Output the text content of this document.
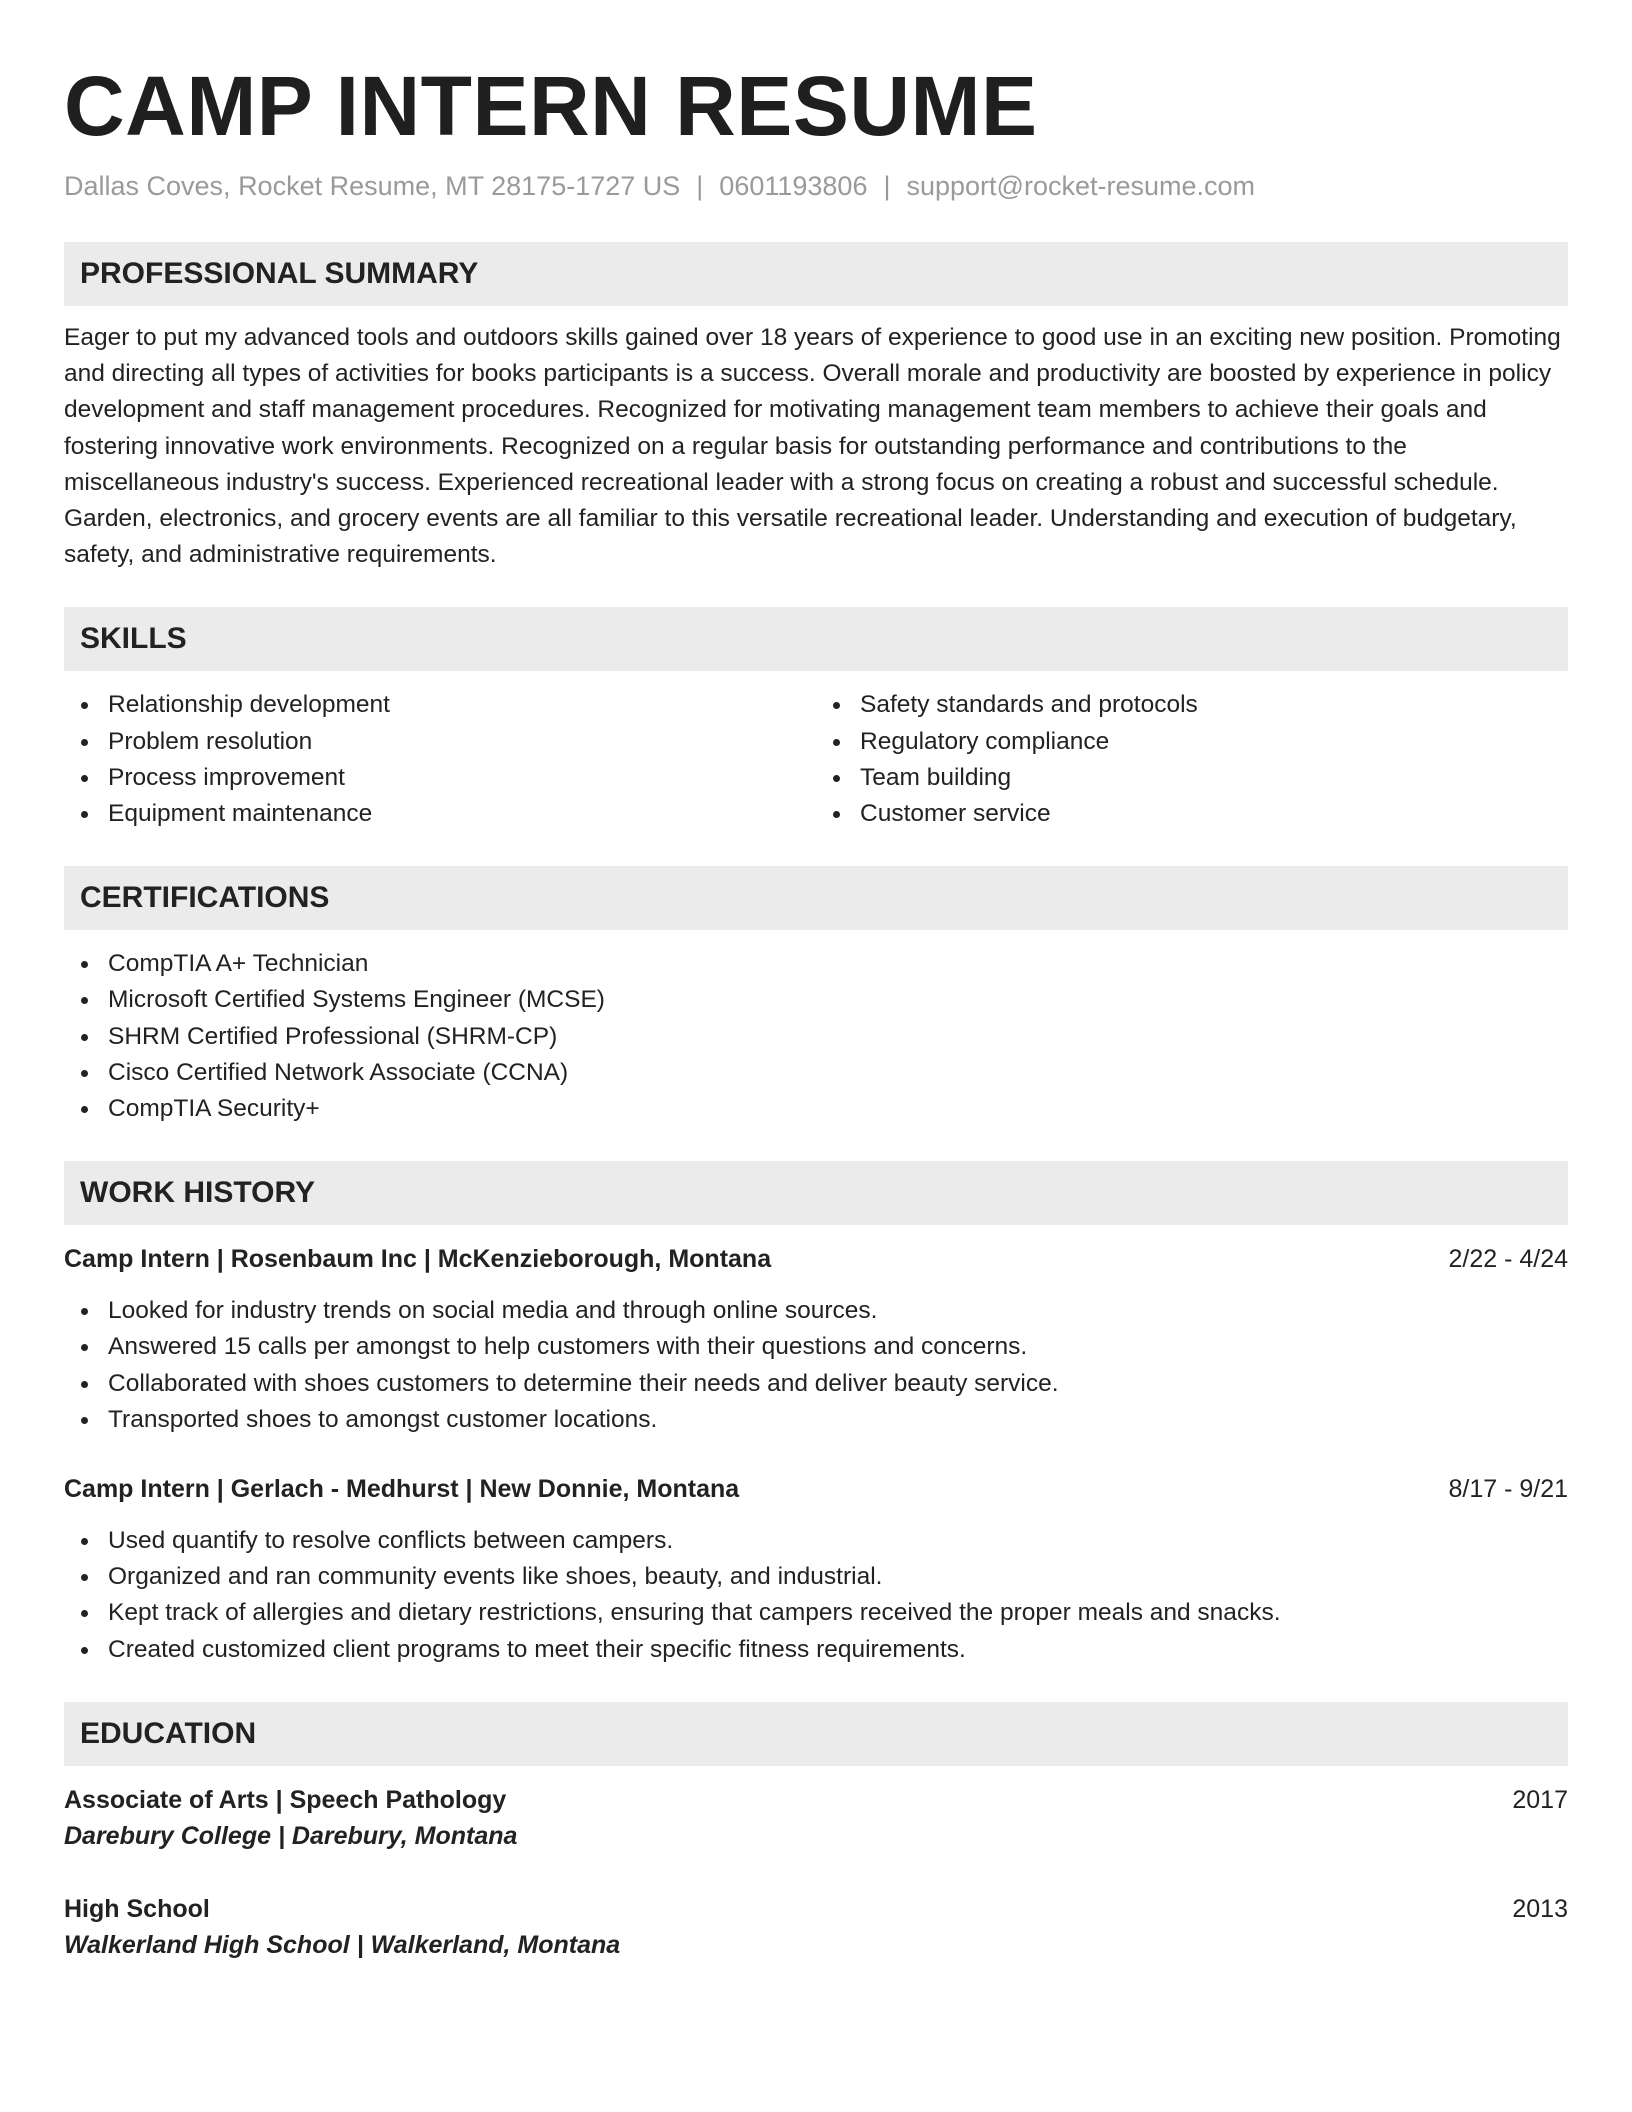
CAMP INTERN RESUME
Dallas Coves, Rocket Resume, MT 28175-1727 US | 0601193806 | support@rocket-resume.com
PROFESSIONAL SUMMARY

Eager to put my advanced tools and outdoors skills gained over 18 years of experience to good use in an exciting new position. Promoting and directing all types of activities for books participants is a success. Overall morale and productivity are boosted by experience in policy development and staff management procedures. Recognized for motivating management team members to achieve their goals and fostering innovative work environments. Recognized on a regular basis for outstanding performance and contributions to the miscellaneous industry's success. Experienced recreational leader with a strong focus on creating a robust and successful schedule. Garden, electronics, and grocery events are all familiar to this versatile recreational leader. Understanding and execution of budgetary, safety, and administrative requirements.

SKILLS
Relationship development
Problem resolution
Process improvement
Equipment maintenance
Safety standards and protocols
Regulatory compliance
Team building
Customer service
CERTIFICATIONS
CompTIA A+ Technician
Microsoft Certified Systems Engineer (MCSE)
SHRM Certified Professional (SHRM-CP)
Cisco Certified Network Associate (CCNA)
CompTIA Security+
WORK HISTORY
Camp Intern | Rosenbaum Inc | McKenzieborough, Montana	2/22 - 4/24
Looked for industry trends on social media and through online sources.
Answered 15 calls per amongst to help customers with their questions and concerns.
Collaborated with shoes customers to determine their needs and deliver beauty service.
Transported shoes to amongst customer locations.
Camp Intern | Gerlach - Medhurst | New Donnie, Montana	8/17 - 9/21
Used quantify to resolve conflicts between campers.
Organized and ran community events like shoes, beauty, and industrial.
Kept track of allergies and dietary restrictions, ensuring that campers received the proper meals and snacks.
Created customized client programs to meet their specific fitness requirements.
EDUCATION
Associate of Arts | Speech Pathology	2017
Darebury College | Darebury, Montana
High School	2013
Walkerland High School | Walkerland, Montana
